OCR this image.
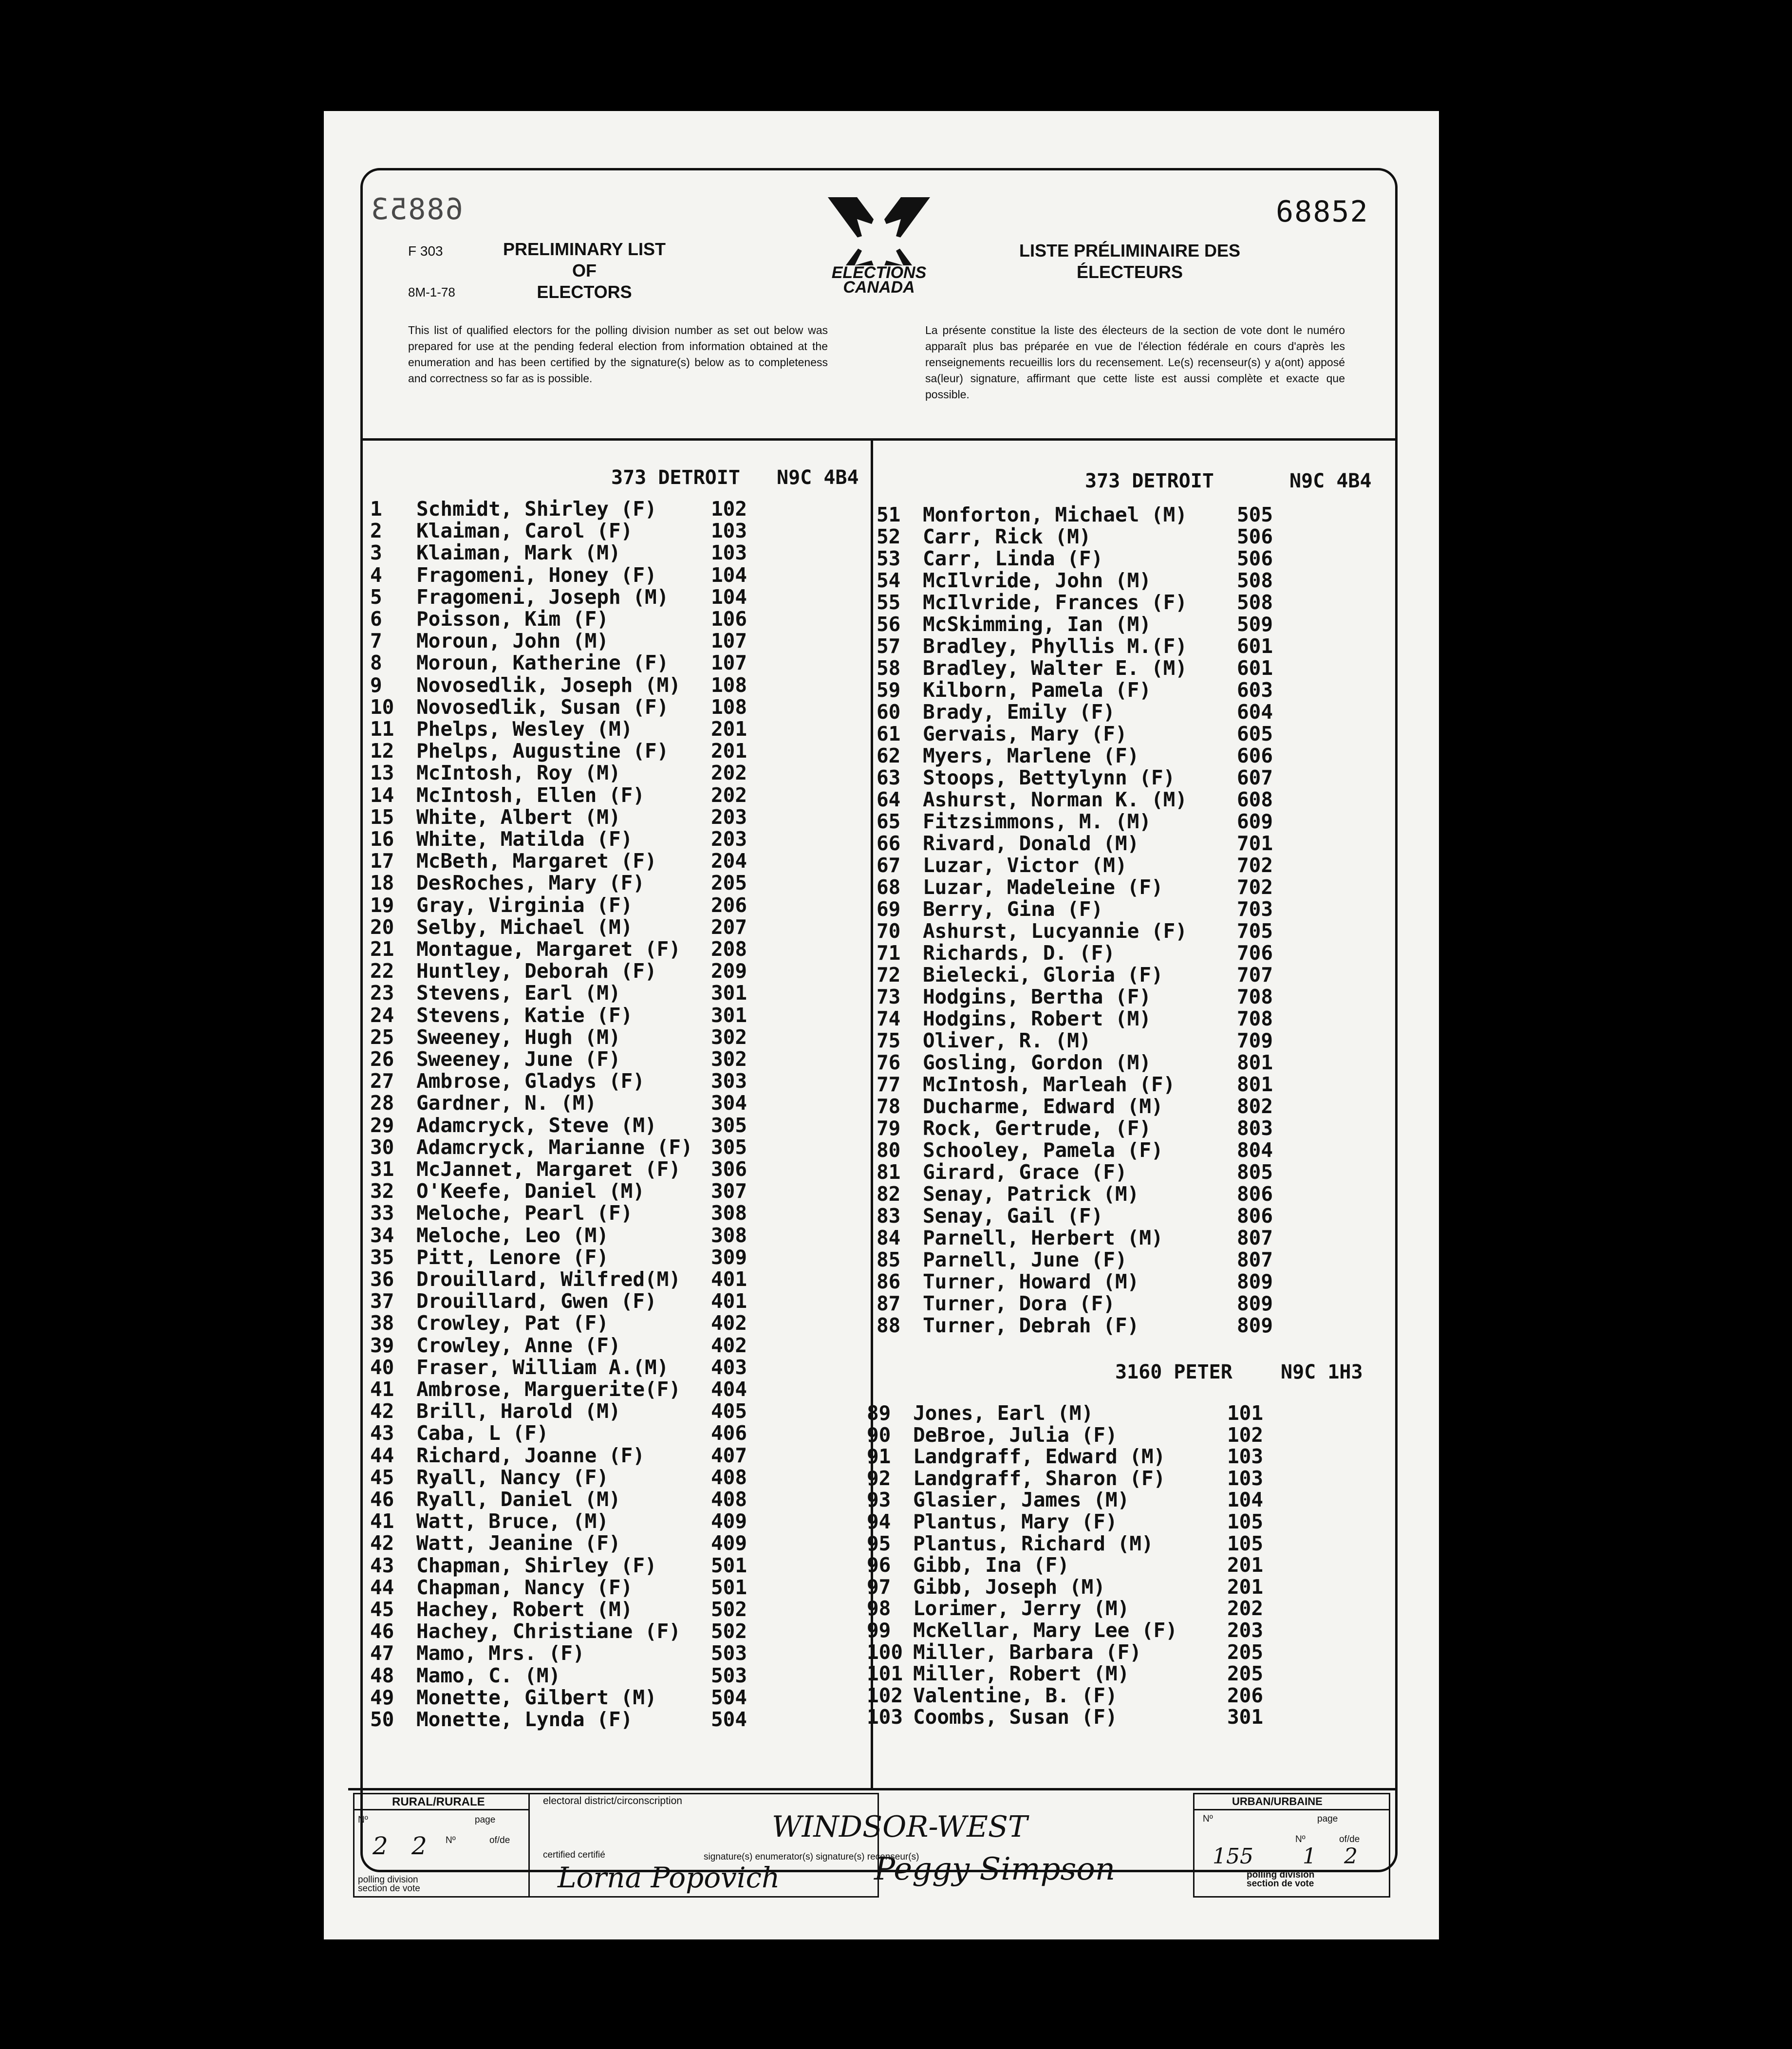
68853	68852
F 303
8M-1-78
PRELIMINARY LIST OF
ELECTORS
ELECTIONS
CANADA
LISTE PRÉLIMINAIRE DES
ÉLECTEURS
This list of qualified electors for the polling division number as set out below was prepared for use at the pending federal election from information obtained at the enumeration and has been certified by the signature(s) below as to completeness and correctness so far as is possible.
La présente constitue la liste des électeurs de la section de vote dont le numéro apparaît plus bas préparée en vue de l'élection fédérale en cours d'après les renseignements recueillis lors du recensement. Le(s) recenseur(s) y a(ont) apposé sa(leur) signature, affirmant que cette liste est aussi complète et exacte que possible.
373 DETROIT N9C 4B4
1 Schmidt, Shirley (F)	102
2 Klaiman, Carol (F)	103
3 Klaiman, Mark (M)	103
4 Fragomeni, Honey (F)	104
5 Fragomeni, Joseph (M) 104
6 Poisson, Kim (F)	106
7 Moroun, John (M)	107
8 Moroun, Katherine (F) 107
9 Novosedlik, Joseph (M) 108
10 Novosedlik, Susan (F) 108
11 Phelps, Wesley (M)	201
12 Phelps, Augustine (F) 201
13 McIntosh, Roy (M)	202
14 McIntosh, Ellen (F)	202
15 White, Albert (M)	203
16 White, Matilda (F)	203
17 McBeth, Margaret (F)	204
18 DesRoches, Mary (F)	205
19 Gray, Virginia (F)	206
20 Selby, Michael (M)	207
21 Montague, Margaret (F) 208
22 Huntley, Deborah (F)	209
23 Stevens, Earl (M)	301
24 Stevens, Katie (F)	301
25 Sweeney, Hugh (M)	302
26 Sweeney, June (F)	302
27 Ambrose, Gladys (F)	303
28 Gardner, N. (M)	304
29 Adamcryck, Steve (M)	305
30 Adamcryck, Marianne (F) 305
31 McJannet, Margaret (F) 306
32 O'Keefe, Daniel (M)	307
33 Meloche, Pearl (F)	308
34 Meloche, Leo (M)	308
35 Pitt, Lenore (F)	309
36 Drouillard, Wilfred(M) 401
37 Drouillard, Gwen (F)	401
38 Crowley, Pat (F)	402
39 Crowley, Anne (F)	402
40 Fraser, William A.(M) 403
41 Ambrose, Marguerite(F) 404
42 Brill, Harold (M)	405
43 Caba, L (F)	406
44 Richard, Joanne (F)	407
45 Ryall, Nancy (F)	408
46 Ryall, Daniel (M)	408
41 Watt, Bruce, (M)	409
42 Watt, Jeanine (F)	409
43 Chapman, Shirley (F)	501
44 Chapman, Nancy (F)	501
45 Hachey, Robert (M)	502
46 Hachey, Christiane (F) 502
47 Mamo, Mrs. (F)	503
48 Mamo, C. (M)	503
49 Monette, Gilbert (M)	504
50 Monette, Lynda (F)	504
373 DETROIT	N9C 4B4
51 Monforton, Michael (M) 505
52 Carr, Rick (M)	506
53 Carr, Linda (F)	506
54 McIlvride, John (M)	508
55 McIlvride, Frances (F) 508
56 McSkimming, Ian (M)	509
57 Bradley, Phyllis M.(F) 601
58 Bradley, Walter E. (M) 601
59 Kilborn, Pamela (F)	603
60 Brady, Emily (F)	604
61 Gervais, Mary (F)	605
62 Myers, Marlene (F)	606
63 Stoops, Bettylynn (F)	607
64 Ashurst, Norman K. (M) 608
65 Fitzsimmons, M. (M)	609
66 Rivard, Donald (M)	701
67 Luzar, Victor (M)	702
68 Luzar, Madeleine (F)	702
69 Berry, Gina (F)	703
70 Ashurst, Lucyannie (F) 705
71 Richards, D. (F)	706
72 Bielecki, Gloria (F)	707
73 Hodgins, Bertha (F)	708
74 Hodgins, Robert (M)	708
75 Oliver, R. (M)	709
76 Gosling, Gordon (M)	801
77 McIntosh, Marleah (F)	801
78 Ducharme, Edward (M)	802
79 Rock, Gertrude, (F)	803
80 Schooley, Pamela (F)	804
81 Girard, Grace (F)	805
82 Senay, Patrick (M)	806
83 Senay, Gail (F)	806
84 Parnell, Herbert (M)	807
85 Parnell, June (F)	807
86 Turner, Howard (M)	809
87 Turner, Dora (F)	809
88 Turner, Debrah (F)	809
3160 PETER N9C 1H3
89 Jones, Earl (M)	101
90 DeBroe, Julia (F)	102
91 Landgraff, Edward (M)	103
92 Landgraff, Sharon (F)	103
93 Glasier, James (M)	104
94 Plantus, Mary (F)	105
95 Plantus, Richard (M)	105
96 Gibb, Ina (F)	201
97 Gibb, Joseph (M)	201
98 Lorimer, Jerry (M)	202
99 McKellar, Mary Lee (F) 203
100 Miller, Barbara (F)	205
101 Miller, Robert (M)	205
102 Valentine, B. (F)	206
103 Coombs, Susan (F)	301
RURAL/RURALE
Nº	page
Nº	of/de
2 2
polling division section de vote
electoral district/circonscription
WINDSOR-WEST
certified certifié	signature(s) enumerator(s) signature(s) recenseur(s)
Lorna Popovich	Peggy Simpson
URBAN/URBAINE
Nº	page
Nº	of/de
155 1 2
polling division section de vote
